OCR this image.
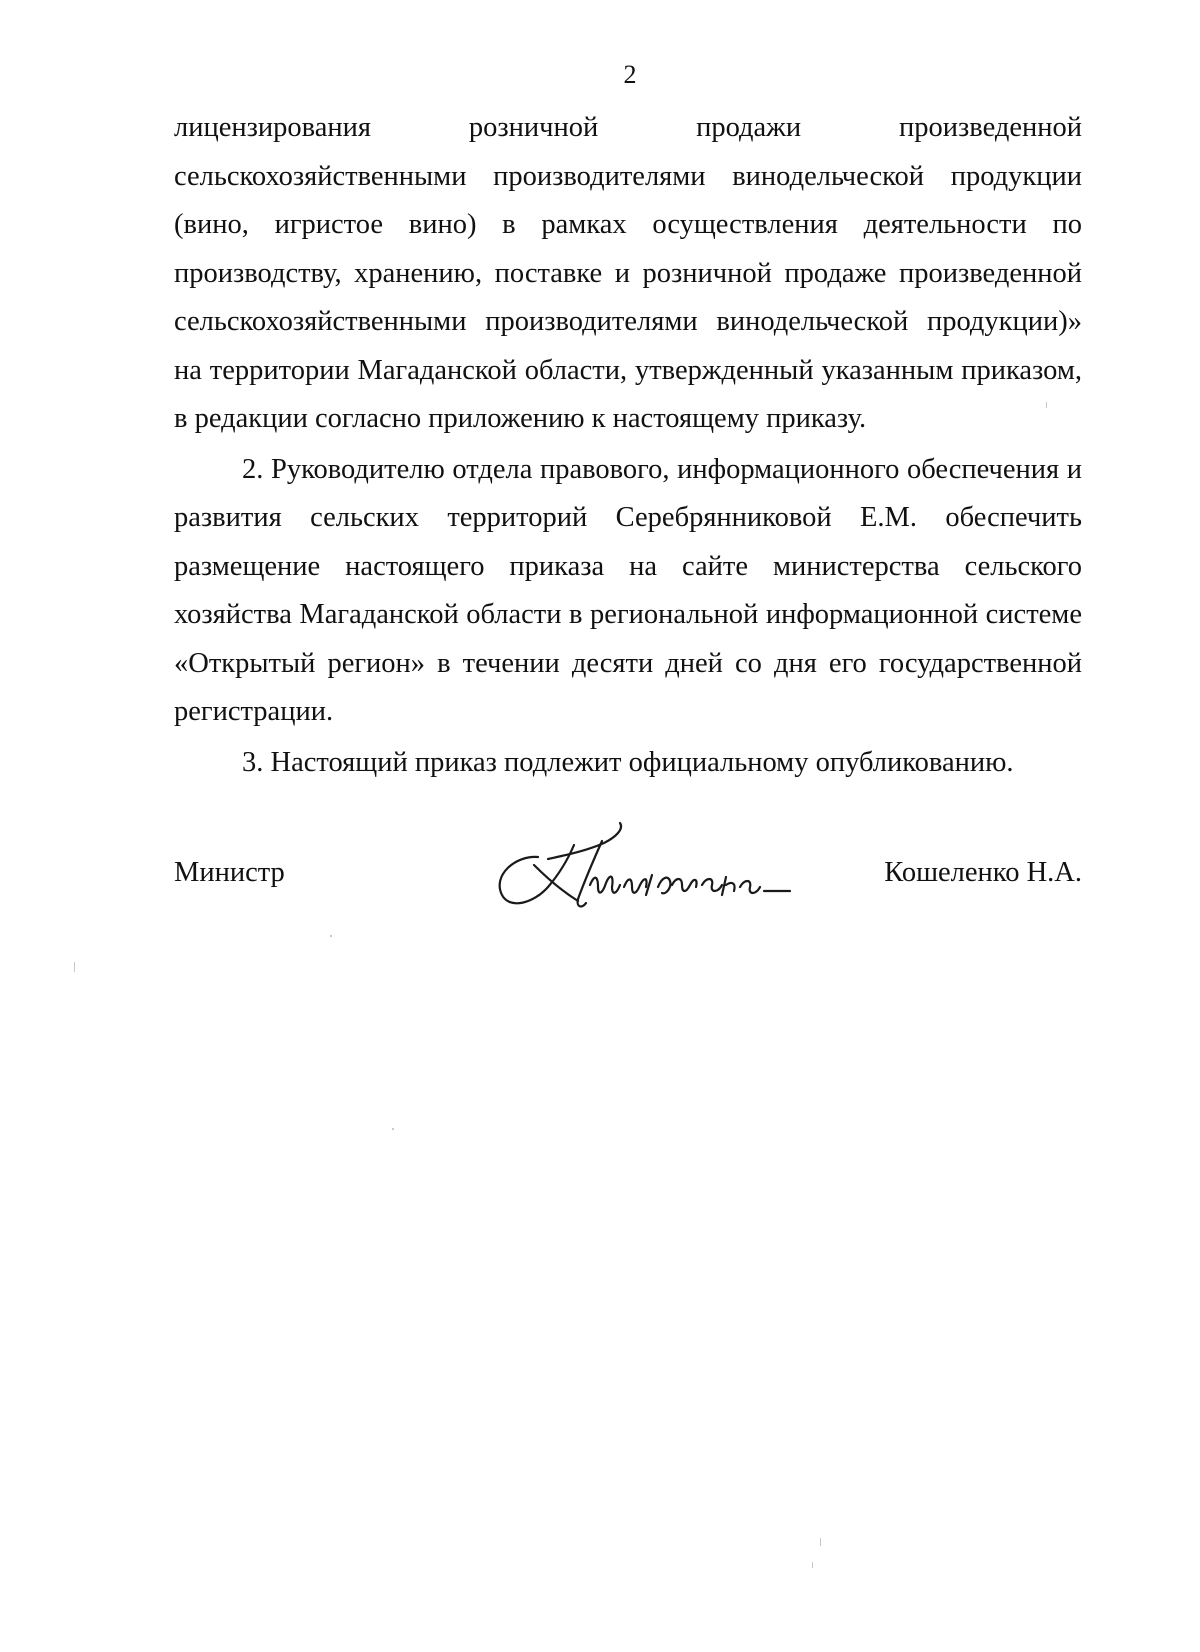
2

лицензирования розничной продажи произведенной сельскохозяйственными производителями винодельческой продукции (вино, игристое вино) в рамках осуществления деятельности по производству, хранению, поставке и розничной продаже произведенной сельскохозяйственными производителями винодельческой продукции)» на территории Магаданской области, утвержденный указанным приказом, в редакции согласно приложению к настоящему приказу.

2. Руководителю отдела правового, информационного обеспечения и развития сельских территорий Серебрянниковой Е.М. обеспечить размещение настоящего приказа на сайте министерства сельского хозяйства Магаданской области в региональной информационной системе «Открытый регион» в течении десяти дней со дня его государственной регистрации.

3. Настоящий приказ подлежит официальному опубликованию.

Министр	Кошеленко Н.А.
